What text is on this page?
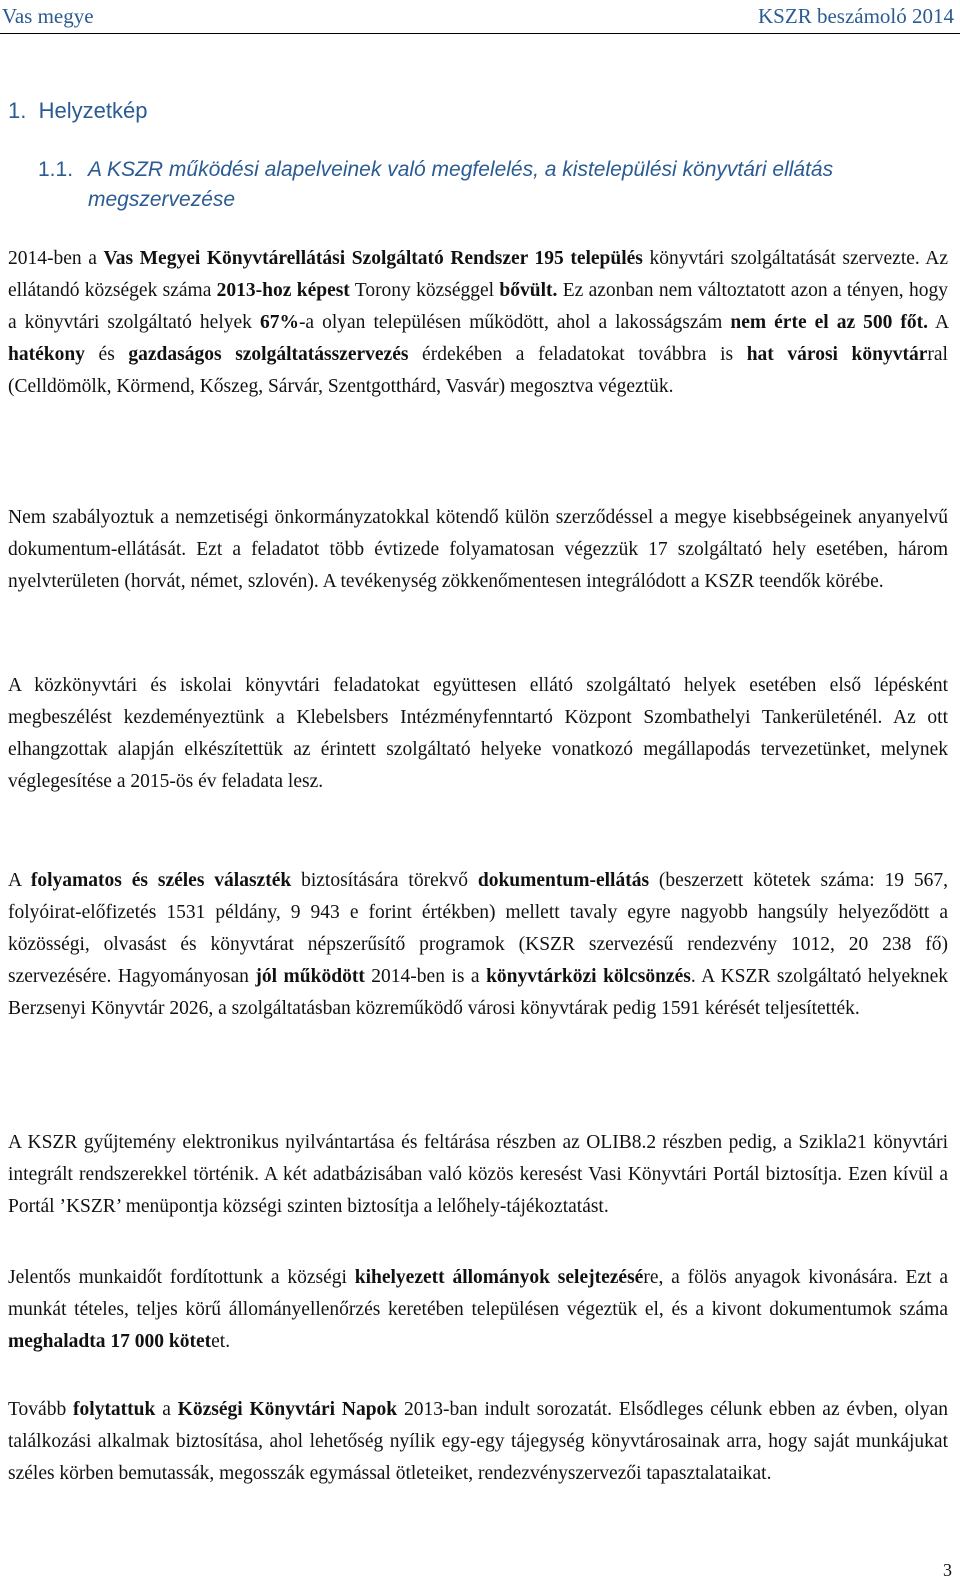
Vas megye	KSZR beszámoló 2014
1. Helyzetkép
1.1. A KSZR működési alapelveinek való megfelelés, a kistelepülési könyvtári ellátás megszervezése

2014-ben a Vas Megyei Könyvtárellátási Szolgáltató Rendszer 195 település könyvtári szolgáltatását szervezte. Az ellátandó községek száma 2013-hoz képest Torony községgel bővült. Ez azonban nem változtatott azon a tényen, hogy a könyvtári szolgáltató helyek 67%-a olyan településen működött, ahol a lakosságszám nem érte el az 500 főt. A hatékony és gazdaságos szolgáltatásszervezés érdekében a feladatokat továbbra is hat városi könyvtárral (Celldömölk, Körmend, Kőszeg, Sárvár, Szentgotthárd, Vasvár) megosztva végeztük.

Nem szabályoztuk a nemzetiségi önkormányzatokkal kötendő külön szerződéssel a megye kisebbségeinek anyanyelvű dokumentum-ellátását. Ezt a feladatot több évtizede folyamatosan végezzük 17 szolgáltató hely esetében, három nyelvterületen (horvát, német, szlovén). A tevékenység zökkenőmentesen integrálódott a KSZR teendők körébe.

A közkönyvtári és iskolai könyvtári feladatokat együttesen ellátó szolgáltató helyek esetében első lépésként megbeszélést kezdeményeztünk a Klebelsbers Intézményfenntartó Központ Szombathelyi Tankerületénél. Az ott elhangzottak alapján elkészítettük az érintett szolgáltató helyeke vonatkozó megállapodás tervezetünket, melynek véglegesítése a 2015-ös év feladata lesz.

A folyamatos és széles választék biztosítására törekvő dokumentum-ellátás (beszerzett kötetek száma: 19 567, folyóirat-előfizetés 1531 példány, 9 943 e forint értékben) mellett tavaly egyre nagyobb hangsúly helyeződött a közösségi, olvasást és könyvtárat népszerűsítő programok (KSZR szervezésű rendezvény 1012, 20 238 fő) szervezésére. Hagyományosan jól működött 2014-ben is a könyvtárközi kölcsönzés. A KSZR szolgáltató helyeknek Berzsenyi Könyvtár 2026, a szolgáltatásban közreműködő városi könyvtárak pedig 1591 kérését teljesítették.

A KSZR gyűjtemény elektronikus nyilvántartása és feltárása részben az OLIB8.2 részben pedig, a Szikla21 könyvtári integrált rendszerekkel történik. A két adatbázisában való közös keresést Vasi Könyvtári Portál biztosítja. Ezen kívül a Portál ’KSZR’ menüpontja községi szinten biztosítja a lelőhely-tájékoztatást.

Jelentős munkaidőt fordítottunk a községi kihelyezett állományok selejtezésére, a fölös anyagok kivonására. Ezt a munkát tételes, teljes körű állományellenőrzés keretében településen végeztük el, és a kivont dokumentumok száma meghaladta 17 000 kötetet.

Tovább folytattuk a Községi Könyvtári Napok 2013-ban indult sorozatát. Elsődleges célunk ebben az évben, olyan találkozási alkalmak biztosítása, ahol lehetőség nyílik egy-egy tájegység könyvtárosainak arra, hogy saját munkájukat széles körben bemutassák, megosszák egymással ötleteiket, rendezvényszervezői tapasztalataikat.

3
